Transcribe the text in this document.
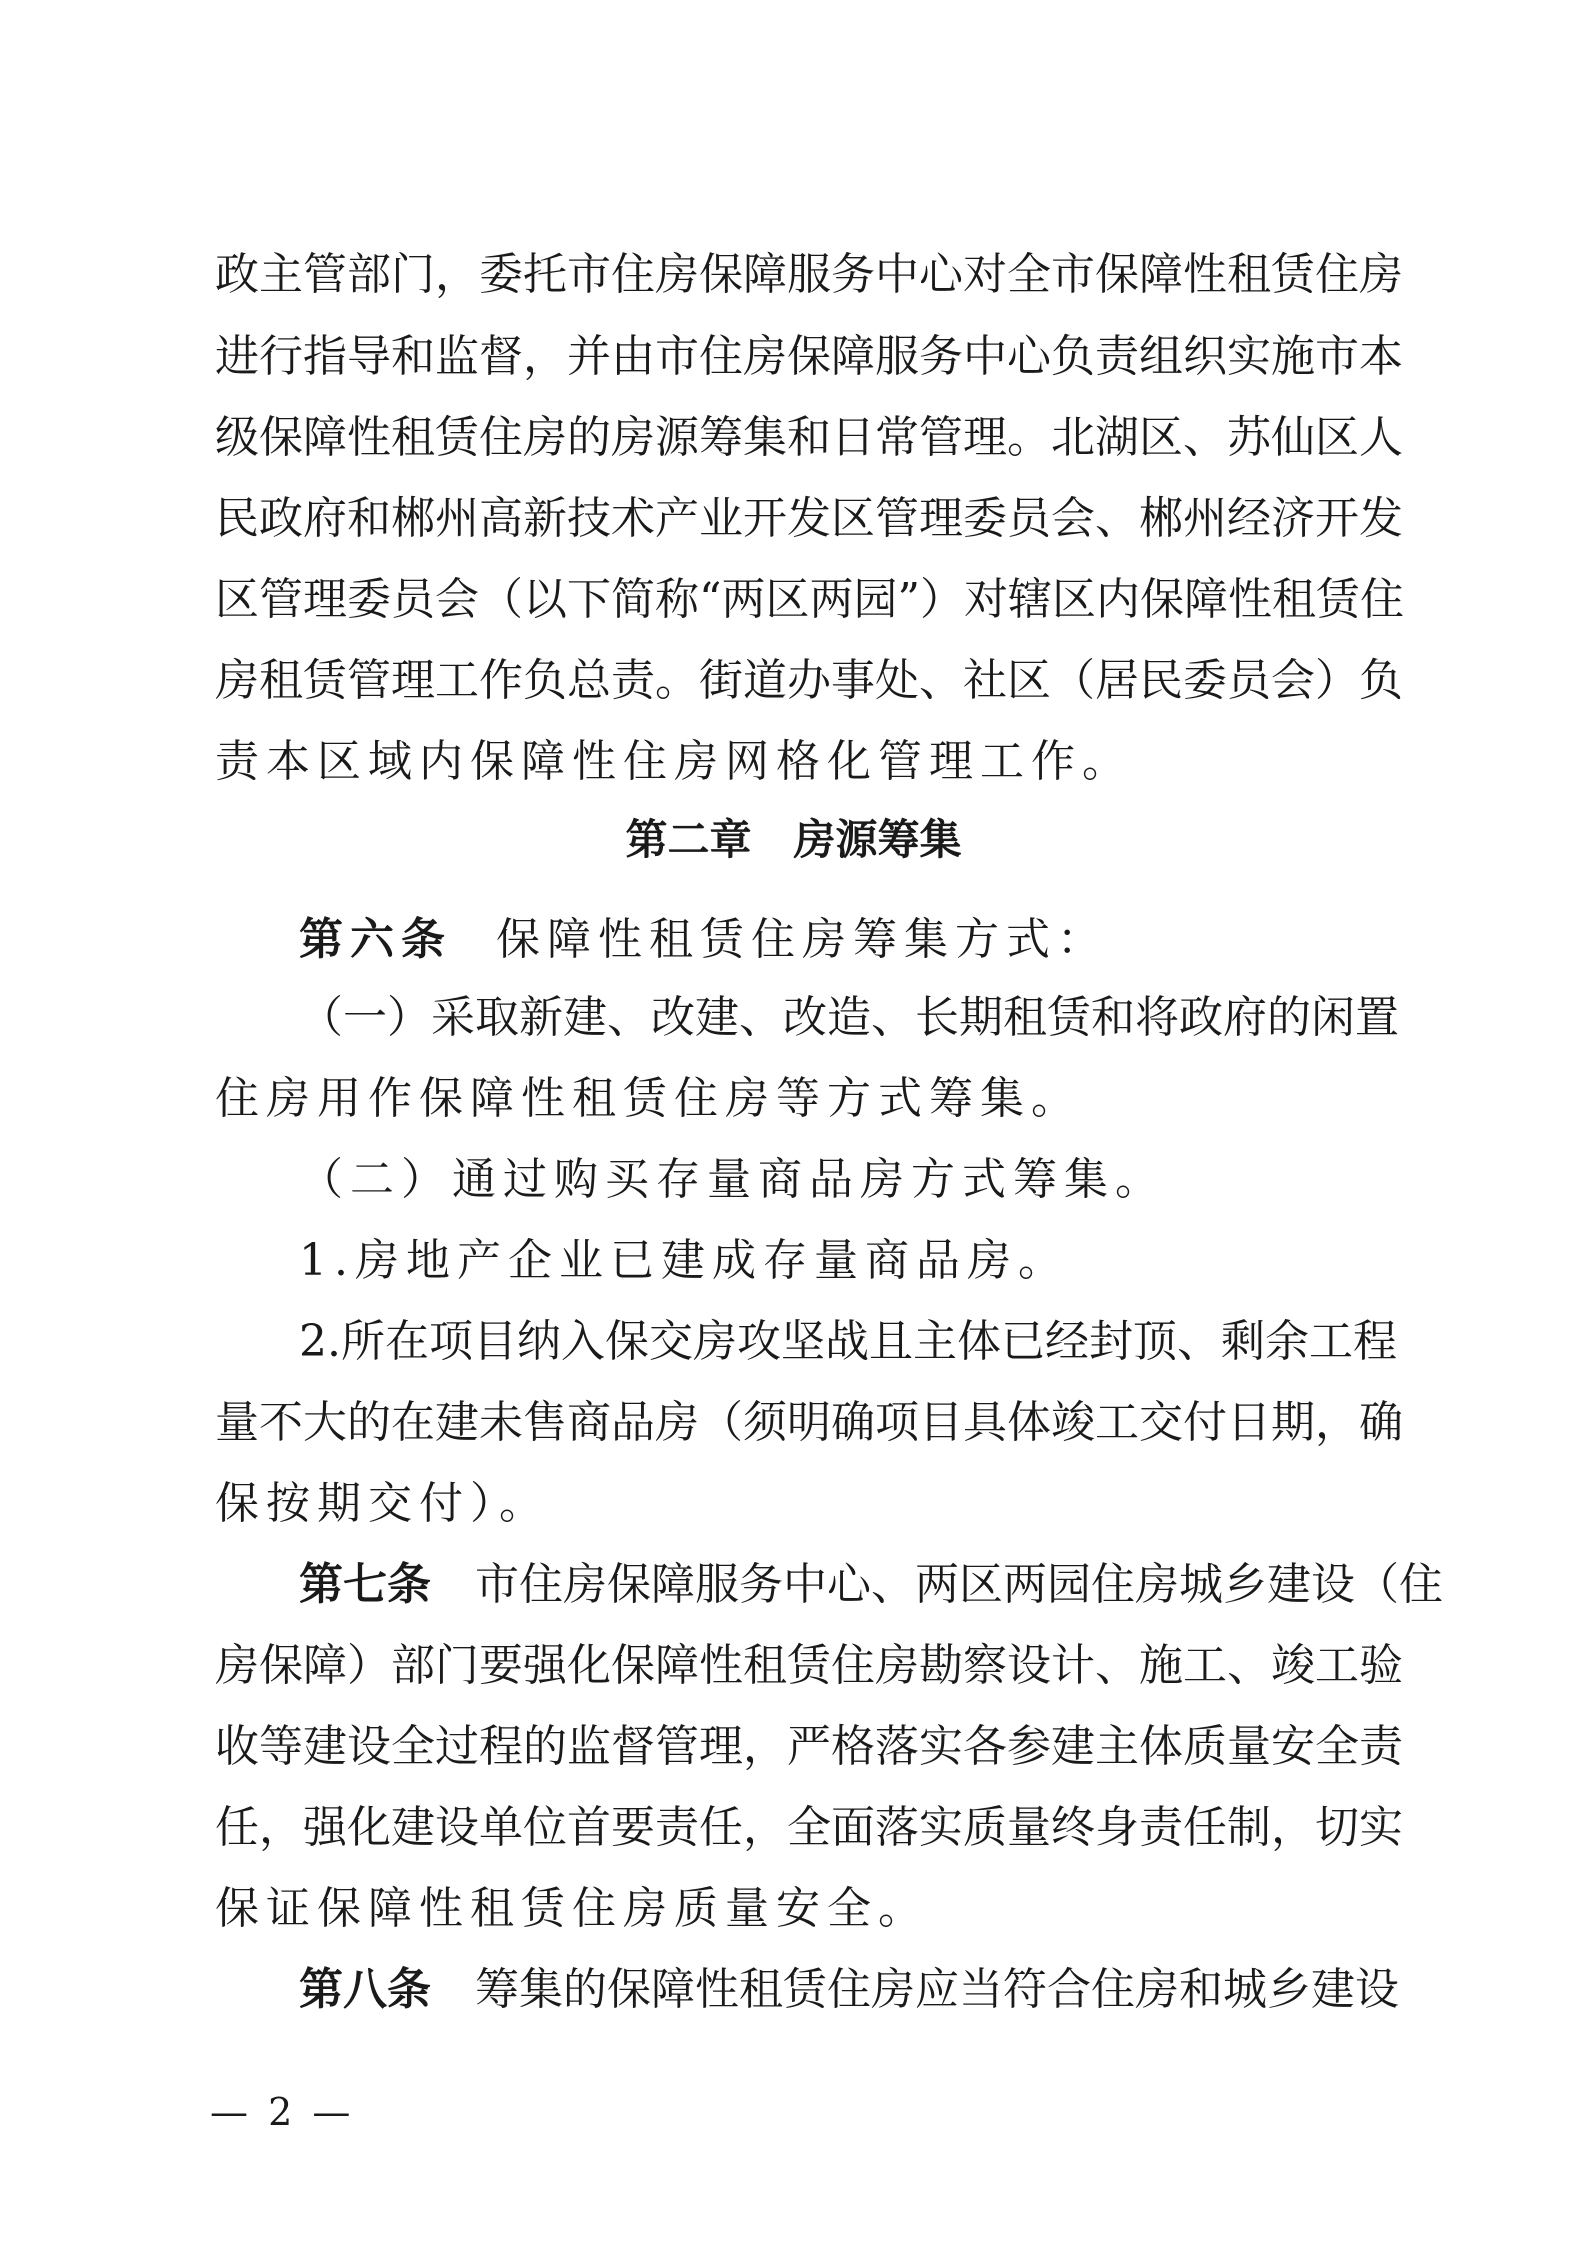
政主管部门，委托市住房保障服务中心对全市保障性租赁住房
进行指导和监督，并由市住房保障服务中心负责组织实施市本
级保障性租赁住房的房源筹集和日常管理。北湖区、苏仙区人
民政府和郴州高新技术产业开发区管理委员会、郴州经济开发
区管理委员会（以下简称“两区两园”）对辖区内保障性租赁住
房租赁管理工作负总责。街道办事处、社区（居民委员会）负
责本区域内保障性住房网格化管理工作。
第二章　房源筹集
第六条 保障性租赁住房筹集方式：
（一）采取新建、改建、改造、长期租赁和将政府的闲置
住房用作保障性租赁住房等方式筹集。
（二）通过购买存量商品房方式筹集。
1.房地产企业已建成存量商品房。
2.所在项目纳入保交房攻坚战且主体已经封顶、剩余工程
量不大的在建未售商品房（须明确项目具体竣工交付日期，确
保按期交付）。
第七条 市住房保障服务中心、两区两园住房城乡建设（住
房保障）部门要强化保障性租赁住房勘察设计、施工、竣工验
收等建设全过程的监督管理，严格落实各参建主体质量安全责
任，强化建设单位首要责任，全面落实质量终身责任制，切实
保证保障性租赁住房质量安全。
第八条 筹集的保障性租赁住房应当符合住房和城乡建设
— 2 —
